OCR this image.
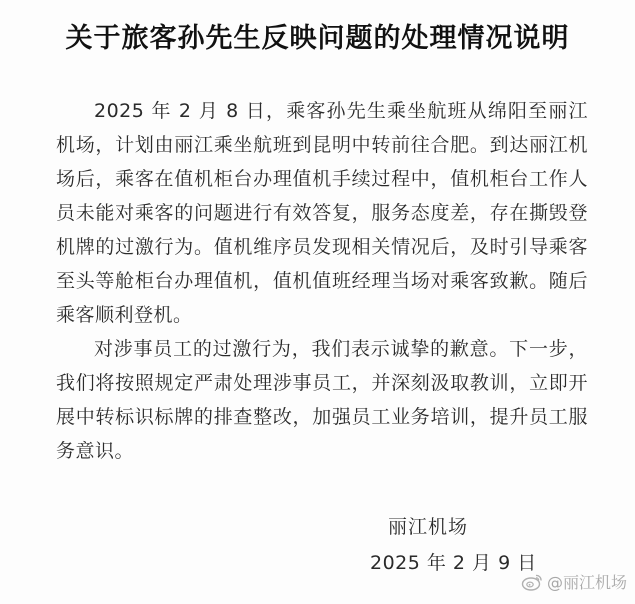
关于旅客孙先生反映问题的处理情况说明

2025 年 2 月 8 日，乘客孙先生乘坐航班从绵阳至丽江机场，计划由丽江乘坐航班到昆明中转前往合肥。到达丽江机场后，乘客在值机柜台办理值机手续过程中，值机柜台工作人员未能对乘客的问题进行有效答复，服务态度差，存在撕毁登机牌的过激行为。值机维序员发现相关情况后，及时引导乘客至头等舱柜台办理值机，值机值班经理当场对乘客致歉。随后乘客顺利登机。

对涉事员工的过激行为，我们表示诚挚的歉意。下一步，我们将按照规定严肃处理涉事员工，并深刻汲取教训，立即开展中转标识标牌的排查整改，加强员工业务培训，提升员工服务意识。

丽江机场
2025 年 2 月 9 日
@丽江机场
